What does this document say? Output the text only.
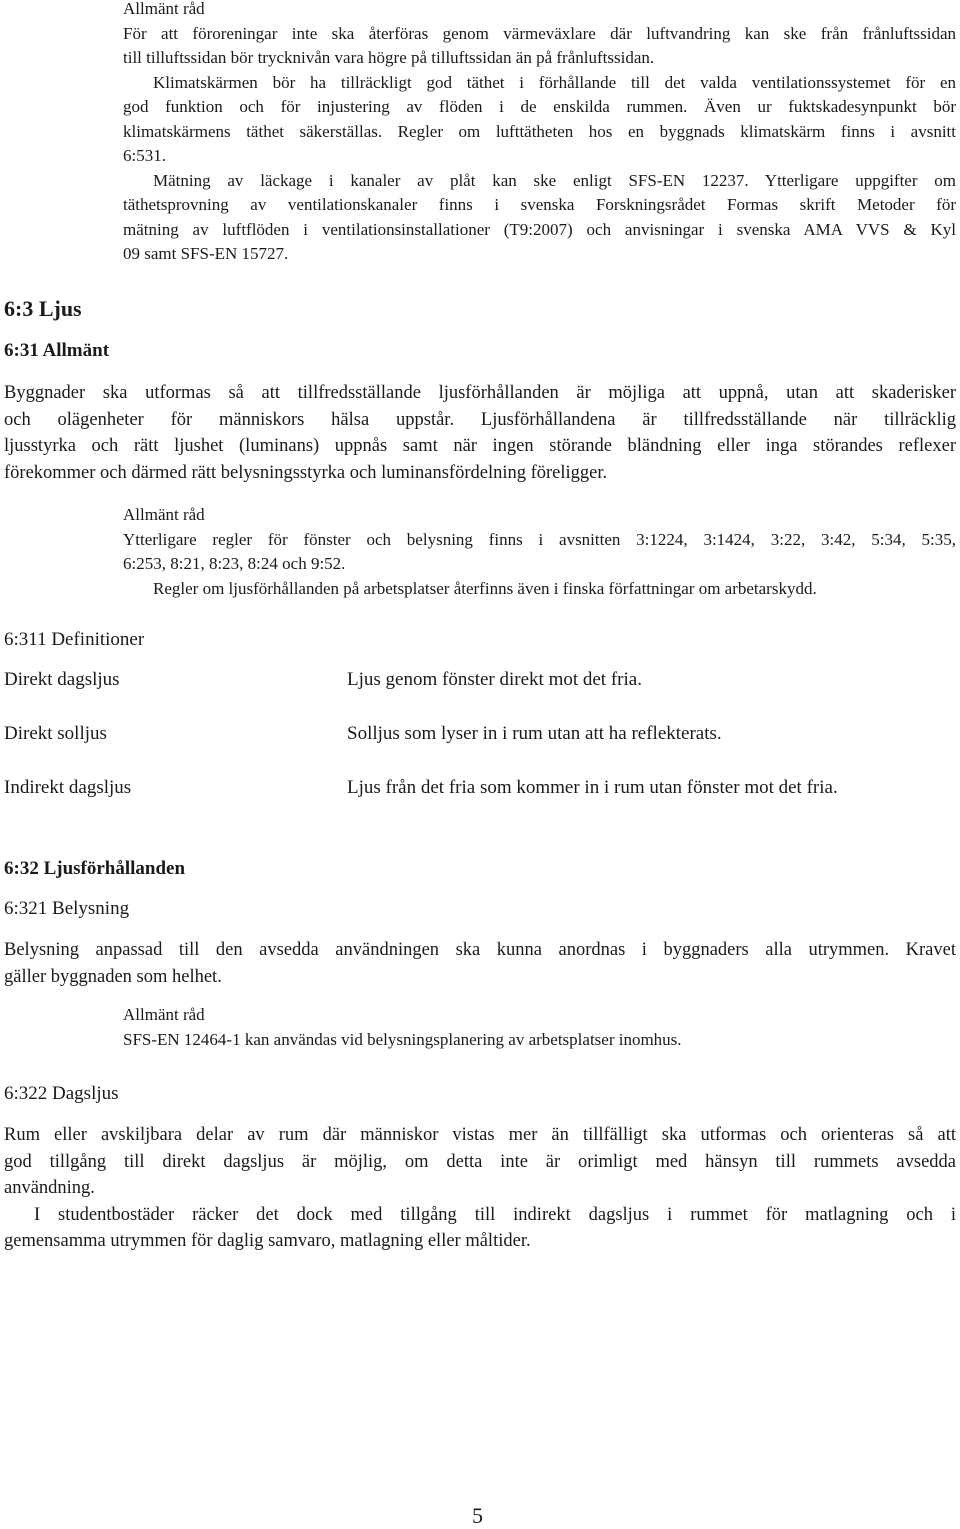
Allmänt råd

För att föroreningar inte ska återföras genom värmeväxlare där luftvandring kan ske från frånluftssidan

till tilluftssidan bör trycknivån vara högre på tilluftssidan än på frånluftssidan.

Klimatskärmen bör ha tillräckligt god täthet i förhållande till det valda ventilationssystemet för en

god funktion och för injustering av flöden i de enskilda rummen. Även ur fuktskadesynpunkt bör

klimatskärmens täthet säkerställas. Regler om lufttätheten hos en byggnads klimatskärm finns i avsnitt

6:531.

Mätning av läckage i kanaler av plåt kan ske enligt SFS-EN 12237. Ytterligare uppgifter om

täthetsprovning av ventilationskanaler finns i svenska Forskningsrådet Formas skrift Metoder för

mätning av luftflöden i ventilationsinstallationer (T9:2007) och anvisningar i svenska AMA VVS & Kyl

09 samt SFS-EN 15727.

6:3 Ljus
6:31 Allmänt

Byggnader ska utformas så att tillfredsställande ljusförhållanden är möjliga att uppnå, utan att skaderisker

och olägenheter för människors hälsa uppstår. Ljusförhållandena är tillfredsställande när tillräcklig

ljusstyrka och rätt ljushet (luminans) uppnås samt när ingen störande bländning eller inga störandes reflexer

förekommer och därmed rätt belysningsstyrka och luminansfördelning föreligger.

Allmänt råd

Ytterligare regler för fönster och belysning finns i avsnitten 3:1224, 3:1424, 3:22, 3:42, 5:34, 5:35,

6:253, 8:21, 8:23, 8:24 och 9:52.

Regler om ljusförhållanden på arbetsplatser återfinns även i finska författningar om arbetarskydd.

6:311 Definitioner
Direkt dagsljus	Ljus genom fönster direkt mot det fria.
Direkt solljus	Solljus som lyser in i rum utan att ha reflekterats.
Indirekt dagsljus	Ljus från det fria som kommer in i rum utan fönster mot det fria.
6:32 Ljusförhållanden
6:321 Belysning

Belysning anpassad till den avsedda användningen ska kunna anordnas i byggnaders alla utrymmen. Kravet

gäller byggnaden som helhet.

Allmänt råd

SFS-EN 12464-1 kan användas vid belysningsplanering av arbetsplatser inomhus.

6:322 Dagsljus

Rum eller avskiljbara delar av rum där människor vistas mer än tillfälligt ska utformas och orienteras så att

god tillgång till direkt dagsljus är möjlig, om detta inte är orimligt med hänsyn till rummets avsedda

användning.

I studentbostäder räcker det dock med tillgång till indirekt dagsljus i rummet för matlagning och i

gemensamma utrymmen för daglig samvaro, matlagning eller måltider.

5
